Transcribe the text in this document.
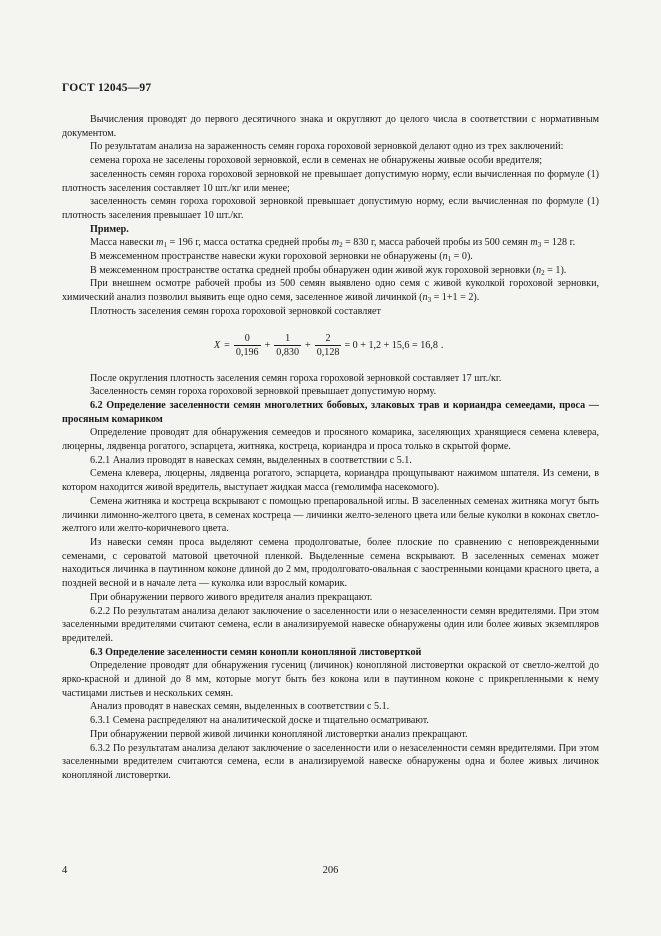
ГОСТ 12045—97

Вычисления проводят до первого десятичного знака и округляют до целого числа в соответствии с нормативным документом.

По результатам анализа на зараженность семян гороха гороховой зерновкой делают одно из трех заключений:

семена гороха не заселены гороховой зерновкой, если в семенах не обнаружены живые особи вредителя;

заселенность семян гороха гороховой зерновкой не превышает допустимую норму, если вычисленная по формуле (1) плотность заселения составляет 10 шт./кг или менее;

заселенность семян гороха гороховой зерновкой превышает допустимую норму, если вычисленная по формуле (1) плотность заселения превышает 10 шт./кг.

Пример.

Масса навески $m_1 = 196$ г, масса остатка средней пробы $m_2 = 830$ г, масса рабочей пробы из 500 семян $m_3 = 128$ г.

В межсеменном пространстве навески жуки гороховой зерновки не обнаружены $(n_1 = 0)$.

В межсеменном пространстве остатка средней пробы обнаружен один живой жук гороховой зерновки $(n_2 = 1)$.

При внешнем осмотре рабочей пробы из 500 семян выявлено одно семя с живой куколкой гороховой зерновки, химический анализ позволил выявить еще одно семя, заселенное живой личинкой $(n_3 = 1+1 = 2)$.

Плотность заселения семян гороха гороховой зерновкой составляет

$X = \frac{0}{0,196} + \frac{1}{0,830} + \frac{2}{0,128} = 0 + 1,2 + 15,6 = 16,8$ .

После округления плотность заселения семян гороха гороховой зерновкой составляет 17 шт./кг.

Заселенность семян гороха гороховой зерновкой превышает допустимую норму.

6.2 Определение заселенности семян многолетних бобовых, злаковых трав и кориандра семеедами, проса — просяным комариком

Определение проводят для обнаружения семеедов и просяного комарика, заселяющих хранящиеся семена клевера, люцерны, лядвенца рогатого, эспарцета, житняка, костреца, кориандра и проса только в скрытой форме.

6.2.1 Анализ проводят в навесках семян, выделенных в соответствии с 5.1.

Семена клевера, люцерны, лядвенца рогатого, эспарцета, кориандра прощупывают нажимом шпателя. Из семени, в котором находится живой вредитель, выступает жидкая масса (гемолимфа насекомого).

Семена житняка и костреца вскрывают с помощью препаровальной иглы. В заселенных семенах житняка могут быть личинки лимонно-желтого цвета, в семенах костреца — личинки желто-зеленого цвета или белые куколки в коконах светло-желтого или желто-коричневого цвета.

Из навески семян проса выделяют семена продолговатые, более плоские по сравнению с неповрежденными семенами, с сероватой матовой цветочной пленкой. Выделенные семена вскрывают. В заселенных семенах может находиться личинка в паутинном коконе длиной до 2 мм, продолговато-овальная с заостренными концами красного цвета, а поздней весной и в начале лета — куколка или взрослый комарик.

При обнаружении первого живого вредителя анализ прекращают.

6.2.2 По результатам анализа делают заключение о заселенности или о незаселенности семян вредителями. При этом заселенными вредителями считают семена, если в анализируемой навеске обнаружены один или более живых экземпляров вредителей.

6.3 Определение заселенности семян конопли конопляной листоверткой

Определение проводят для обнаружения гусениц (личинок) конопляной листовертки окраской от светло-желтой до ярко-красной и длиной до 8 мм, которые могут быть без кокона или в паутинном коконе с прикрепленными к нему частицами листьев и нескольких семян.

Анализ проводят в навесках семян, выделенных в соответствии с 5.1.

6.3.1 Семена распределяют на аналитической доске и тщательно осматривают.

При обнаружении первой живой личинки конопляной листовертки анализ прекращают.

6.3.2 По результатам анализа делают заключение о заселенности или о незаселенности семян вредителями. При этом заселенными вредителем считаются семена, если в анализируемой навеске обнаружены одна и более живых личинок конопляной листовертки.

4	206
